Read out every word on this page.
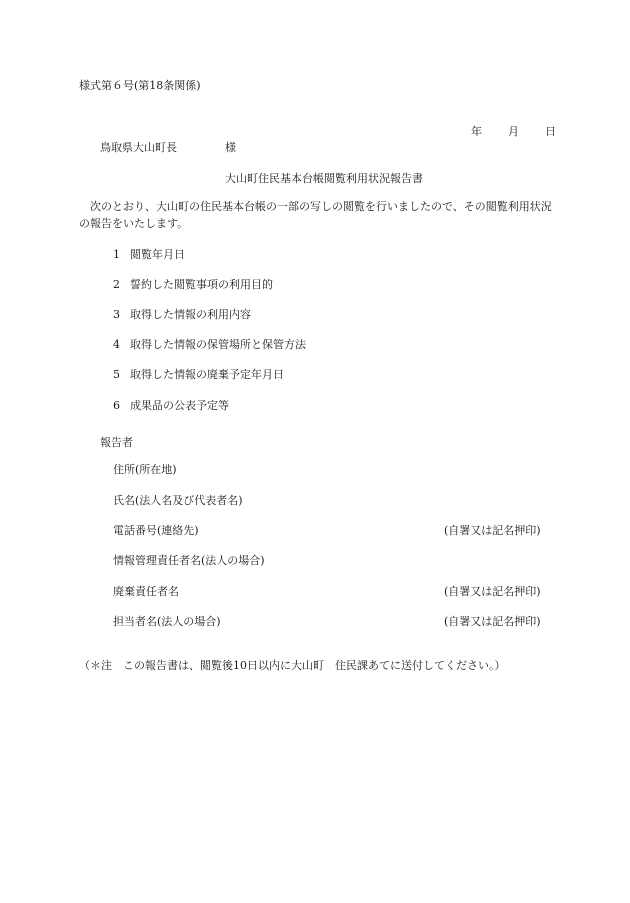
様式第６号(第18条関係)
年 月 日
鳥取県大山町長	様
大山町住民基本台帳閲覧利用状況報告書
　次のとおり、大山町の住民基本台帳の一部の写しの閲覧を行いましたので、その閲覧利用状況の報告をいたします。
1 閲覧年月日
2 誓約した閲覧事項の利用目的
3 取得した情報の利用内容
4 取得した情報の保管場所と保管方法
5 取得した情報の廃棄予定年月日
6 成果品の公表予定等
報告者
住所(所在地)
氏名(法人名及び代表者名)
電話番号(連絡先)	(自署又は記名押印)
情報管理責任者名(法人の場合)
廃棄責任者名	(自署又は記名押印)
担当者名(法人の場合)	(自署又は記名押印)
（＊注　この報告書は、閲覧後10日以内に大山町　住民課あてに送付してください。）
